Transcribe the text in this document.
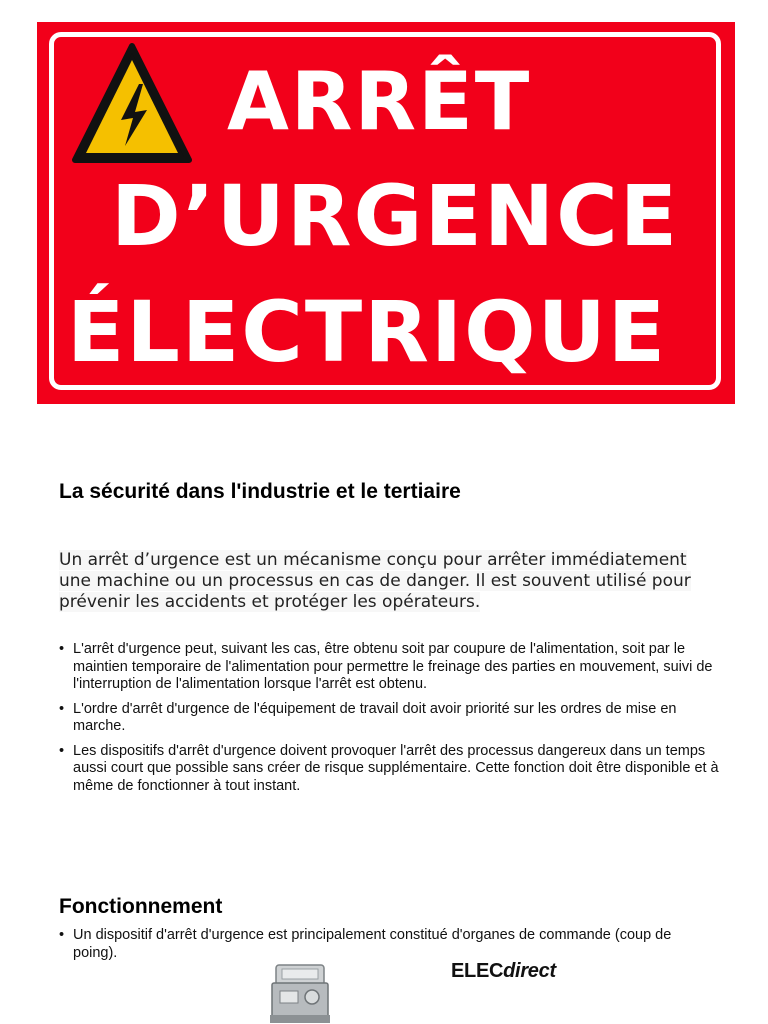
ARRÊT
D’URGENCE
ÉLECTRIQUE
La sécurité dans l'industrie et le tertiaire

Un arrêt d’urgence est un mécanisme conçu pour arrêter immédiatement une machine ou un processus en cas de danger. Il est souvent utilisé pour prévenir les accidents et protéger les opérateurs.

• L'arrêt d'urgence peut, suivant les cas, être obtenu soit par coupure de l'alimentation, soit par le maintien temporaire de l'alimentation pour permettre le freinage des parties en mouvement, suivi de l'interruption de l'alimentation lorsque l'arrêt est obtenu.
• L'ordre d'arrêt d'urgence de l'équipement de travail doit avoir priorité sur les ordres de mise en marche.
• Les dispositifs d'arrêt d'urgence doivent provoquer l'arrêt des processus dangereux dans un temps aussi court que possible sans créer de risque supplémentaire. Cette fonction doit être disponible et à même de fonctionner à tout instant.
Fonctionnement
• Un dispositif d'arrêt d'urgence est principalement constitué d'organes de commande (coup de poing).
ELECdirect
